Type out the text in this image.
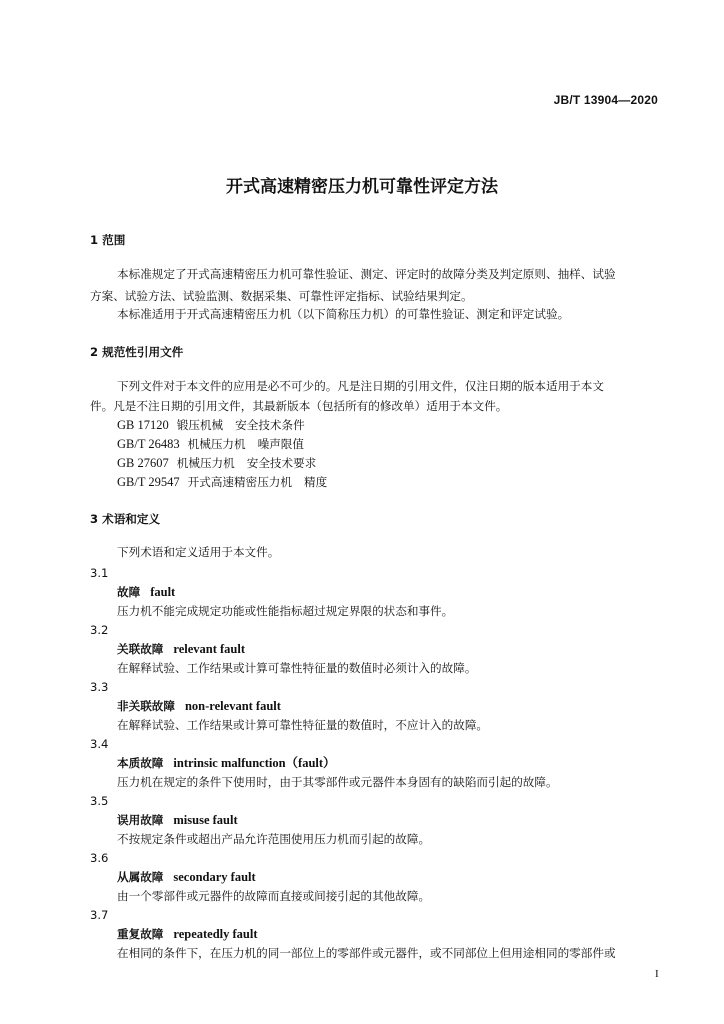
JB/T 13904—2020
开式高速精密压力机可靠性评定方法
1 范围
本标准规定了开式高速精密压力机可靠性验证、测定、评定时的故障分类及判定原则、抽样、试验
方案、试验方法、试验监测、数据采集、可靠性评定指标、试验结果判定。
本标准适用于开式高速精密压力机（以下简称压力机）的可靠性验证、测定和评定试验。
2 规范性引用文件
下列文件对于本文件的应用是必不可少的。凡是注日期的引用文件，仅注日期的版本适用于本文
件。凡是不注日期的引用文件，其最新版本（包括所有的修改单）适用于本文件。
GB 17120 锻压机械 安全技术条件
GB/T 26483 机械压力机 噪声限值
GB 27607 机械压力机 安全技术要求
GB/T 29547 开式高速精密压力机 精度
3 术语和定义
下列术语和定义适用于本文件。
3.1
故障 fault
压力机不能完成规定功能或性能指标超过规定界限的状态和事件。
3.2
关联故障 relevant fault
在解释试验、工作结果或计算可靠性特征量的数值时必须计入的故障。
3.3
非关联故障 non-relevant fault
在解释试验、工作结果或计算可靠性特征量的数值时，不应计入的故障。
3.4
本质故障 intrinsic malfunction（fault）
压力机在规定的条件下使用时，由于其零部件或元器件本身固有的缺陷而引起的故障。
3.5
误用故障 misuse fault
不按规定条件或超出产品允许范围使用压力机而引起的故障。
3.6
从属故障 secondary fault
由一个零部件或元器件的故障而直接或间接引起的其他故障。
3.7
重复故障 repeatedly fault
在相同的条件下，在压力机的同一部位上的零部件或元器件，或不同部位上但用途相同的零部件或
I
